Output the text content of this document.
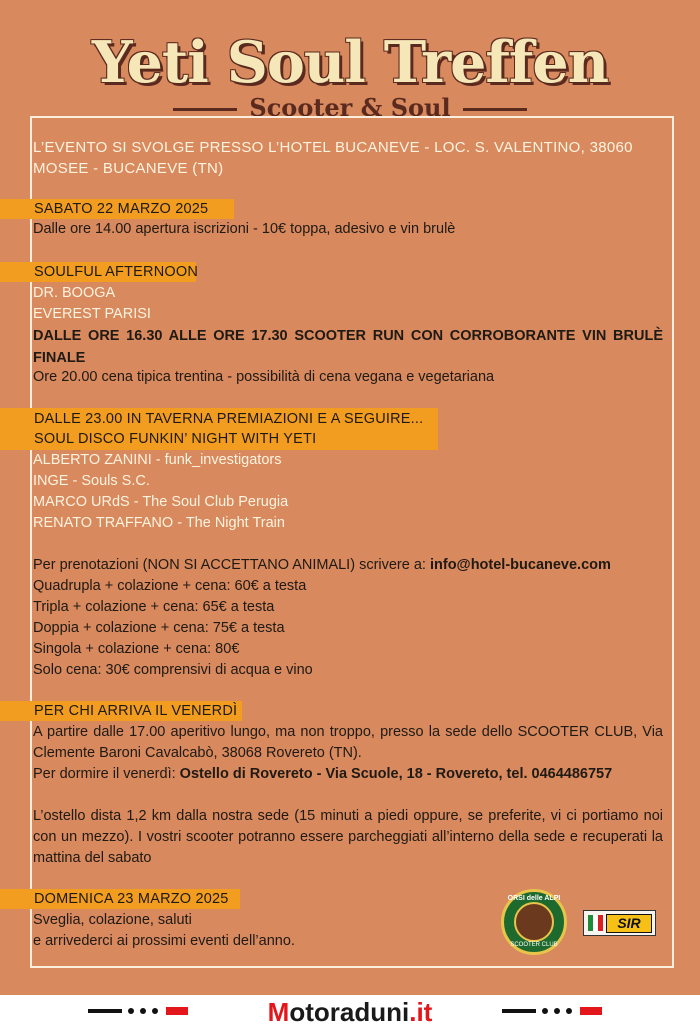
Yeti Soul Treffen
Scooter & Soul
L’EVENTO SI SVOLGE PRESSO L’HOTEL BUCANEVE - LOC. S. VALENTINO, 38060 MOSEE - BUCANEVE (TN)
SABATO 22 MARZO 2025
Dalle ore 14.00 apertura iscrizioni - 10€ toppa, adesivo e vin brulè
SOULFUL AFTERNOON
DR. BOOGA
EVEREST PARISI
DALLE ORE 16.30 ALLE ORE 17.30 SCOOTER RUN CON CORROBORANTE VIN BRULÈ FINALE
Ore 20.00 cena tipica trentina - possibilità di cena vegana e vegetariana
DALLE 23.00 IN TAVERNA PREMIAZIONI E A SEGUIRE...
SOUL DISCO FUNKIN’ NIGHT WITH YETI
ALBERTO ZANINI - funk_investigators
INGE - Souls S.C.
MARCO URdS - The Soul Club Perugia
RENATO TRAFFANO - The Night Train
Per prenotazioni (NON SI ACCETTANO ANIMALI) scrivere a: info@hotel-bucaneve.com
Quadrupla + colazione + cena: 60€ a testa
Tripla + colazione + cena: 65€ a testa
Doppia + colazione + cena: 75€ a testa
Singola + colazione + cena: 80€
Solo cena: 30€ comprensivi di acqua e vino
PER CHI ARRIVA IL VENERDÌ
A partire dalle 17.00 aperitivo lungo, ma non troppo, presso la sede dello SCOOTER CLUB, Via Clemente Baroni Cavalcabò, 38068 Rovereto (TN).
Per dormire il venerdì: Ostello di Rovereto - Via Scuole, 18 - Rovereto, tel. 0464486757
L’ostello dista 1,2 km dalla nostra sede (15 minuti a piedi oppure, se preferite, vi ci portiamo noi con un mezzo). I vostri scooter potranno essere parcheggiati all’interno della sede e recuperati la mattina del sabato
DOMENICA 23 MARZO 2025
Sveglia, colazione, saluti
e arrivederci ai prossimi eventi dell’anno.
ORSI delle ALPI
SCOOTER CLUB
SIR
Motoraduni.it
